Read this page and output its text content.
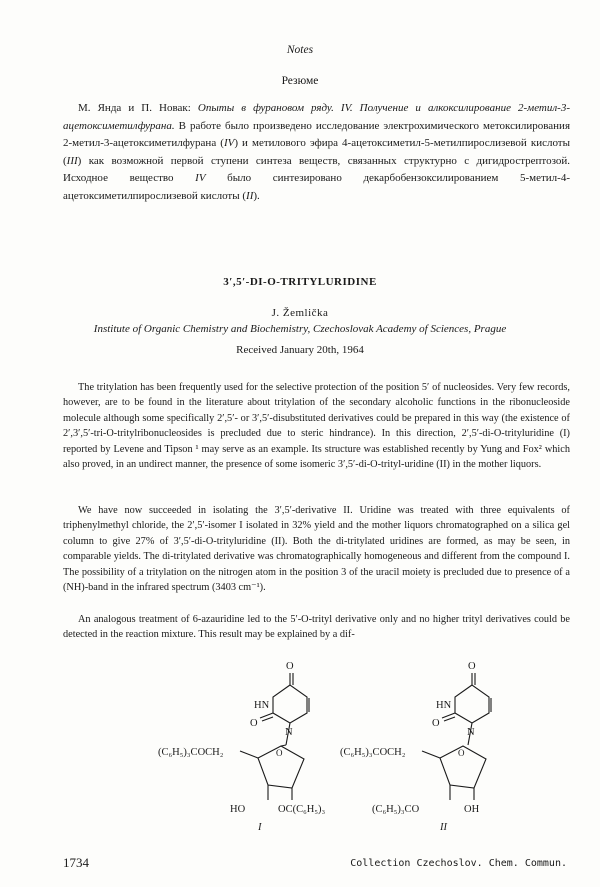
Notes
Резюме
М. Янда и П. Новак: Опыты в фурановом ряду. IV. Получение и алкоксилирование 2-метил-3-ацетоксиметилфурана. В работе было произведено исследование электрохимического метоксилирования 2-метил-3-ацетоксиметилфурана (IV) и метилового эфира 4-ацетоксиметил-5-метилпирослизевой кислоты (III) как возможной первой ступени синтеза веществ, связанных структурно с дигидрострептозой. Исходное вещество IV было синтезировано декарбобензоксилированием 5-метил-4-ацетоксиметилпирослизевой кислоты (II).
3′,5′-DI-O-TRITYLURIDINE
J. Žemlička
Institute of Organic Chemistry and Biochemistry, Czechoslovak Academy of Sciences, Prague
Received January 20th, 1964

The tritylation has been frequently used for the selective protection of the position 5′ of nucleosides. Very few records, however, are to be found in the literature about tritylation of the secondary alcoholic functions in the ribonucleoside molecule although some specifically 2′,5′- or 3′,5′-disubstituted derivatives could be prepared in this way (the existence of 2′,3′,5′-tri-O-tritylribonucleosides is precluded due to steric hindrance). In this direction, 2′,5′-di-O-trityluridine (I) reported by Levene and Tipson ¹ may serve as an example. Its structure was established recently by Yung and Fox² which also proved, in an undirect manner, the presence of some isomeric 3′,5′-di-O-trityl-uridine (II) in the mother liquors.

We have now succeeded in isolating the 3′,5′-derivative II. Uridine was treated with three equivalents of triphenylmethyl chloride, the 2′,5′-isomer I isolated in 32% yield and the mother liquors chromatographed on a silica gel column to give 27% of 3′,5′-di-O-trityluridine (II). Both the di-tritylated uridines are formed, as may be seen, in comparable yields. The di-tritylated derivative was chromatographically homogeneous and different from the compound I. The possibility of a tritylation on the nitrogen atom in the position 3 of the uracil moiety is precluded due to presence of a (NH)-band in the infrared spectrum (3403 cm⁻¹).

An analogous treatment of 6-azauridine led to the 5′-O-trityl derivative only and no higher trityl derivatives could be detected in the reaction mixture. This result may be explained by a dif-

O
HN
O
N
O
(C₆H₅)₃COCH₂
HO	OC(C₆H₅)₃
I
O
HN
O
N
O
(C₆H₅)₃COCH₂
(C₆H₅)₃CO	OH
II
1734	Collection Czechoslov. Chem. Commun.
